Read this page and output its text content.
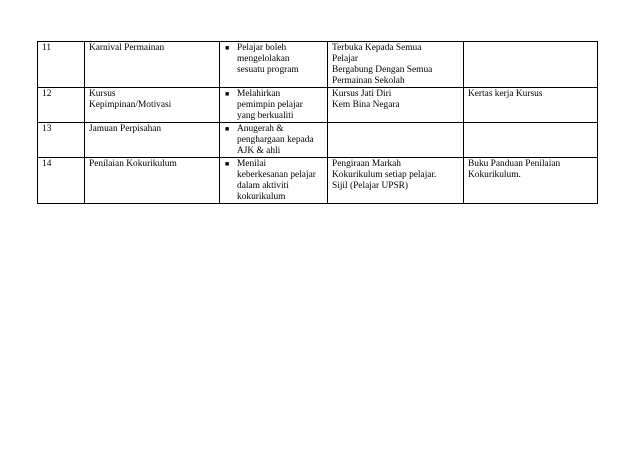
11	Karnival Permainan	■ Pelajar boleh
mengelolakan
sesuatu program	Terbuka Kepada Semua
Pelajar
Bergabung Dengan Semua
Permainan Sekolah	

12	Kursus
Kepimpinan/Motivasi	■ Melahirkan
pemimpin pelajar
yang berkualiti	Kursus Jati Diri
Kem Bina Negara	Kertas kerja Kursus

13	Jamuan Perpisahan	■ Anugerah &
penghargaan kepada
AJK & ahli		

14	Penilaian Kokurikulum	■ Menilai
keberkesanan pelajar
dalam aktiviti
kokurikulum	Pengiraan Markah
Kokurikulum setiap pelajar.
Sijil (Pelajar UPSR)	Buku Panduan Penilaian
Kokurikulum.
